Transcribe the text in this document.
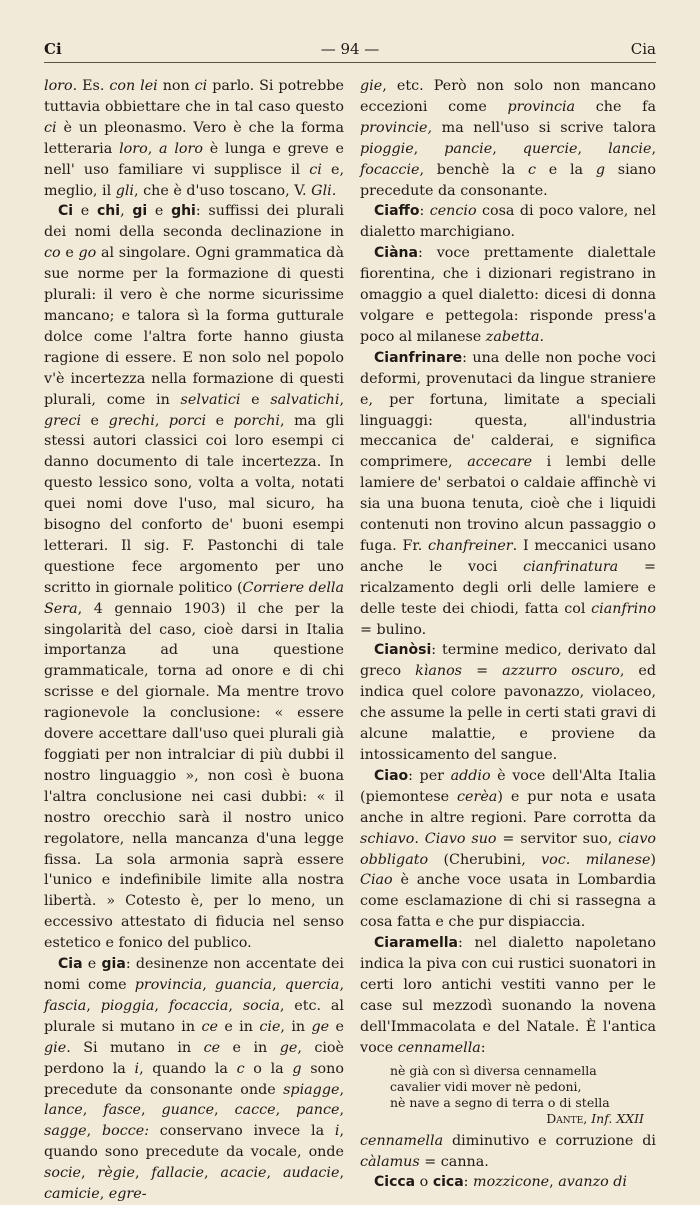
Ci	— 94 —	Cia

loro. Es. con lei non ci parlo. Si potrebbe tuttavia obbiettare che in tal caso questo ci è un pleonasmo. Vero è che la forma letteraria loro, a loro è lunga e greve e nell' uso familiare vi supplisce il ci e, meglio, il gli, che è d'uso toscano, V. Gli.

Ci e chi, gi e ghi: suffissi dei plurali dei nomi della seconda declinazione in co e go al singolare. Ogni grammatica dà sue norme per la formazione di questi plurali: il vero è che norme sicurissime mancano; e talora sì la forma gutturale dolce come l'altra forte hanno giusta ragione di essere. E non solo nel popolo v'è incertezza nella formazione di questi plurali, come in selvatici e salvatichi, greci e grechi, porci e porchi, ma gli stessi autori classici coi loro esempi ci danno documento di tale incertezza. In questo lessico sono, volta a volta, notati quei nomi dove l'uso, mal sicuro, ha bisogno del conforto de' buoni esempi letterari. Il sig. F. Pastonchi di tale questione fece argomento per uno scritto in giornale politico (Corriere della Sera, 4 gennaio 1903) il che per la singolarità del caso, cioè darsi in Italia importanza ad una questione grammaticale, torna ad onore e di chi scrisse e del giornale. Ma mentre trovo ragionevole la conclusione: « essere dovere accettare dall'uso quei plurali già foggiati per non intralciar di più dubbi il nostro linguaggio », non così è buona l'altra conclusione nei casi dubbi: « il nostro orecchio sarà il nostro unico regolatore, nella mancanza d'una legge fissa. La sola armonia saprà essere l'unico e indefinibile limite alla nostra libertà. » Cotesto è, per lo meno, un eccessivo attestato di fiducia nel senso estetico e fonico del publico.

Cia e gia: desinenze non accentate dei nomi come provincia, guancia, quercia, fascia, pioggia, focaccia, socia, etc. al plurale si mutano in ce e in cie, in ge e gie. Si mutano in ce e in ge, cioè perdono la i, quando la c o la g sono precedute da consonante onde spiagge, lance, fasce, guance, cacce, pance, sagge, bocce: conservano invece la i, quando sono precedute da vocale, onde socie, règie, fallacie, acacie, audacie, camicie, egre-

gie, etc. Però non solo non mancano eccezioni come provincia che fa provincie, ma nell'uso si scrive talora pioggie, pancie, quercie, lancie, focaccie, benchè la c e la g siano precedute da consonante.

Ciaffo: cencio cosa di poco valore, nel dialetto marchigiano.

Ciàna: voce prettamente dialettale fiorentina, che i dizionari registrano in omaggio a quel dialetto: dicesi di donna volgare e pettegola: risponde press'a poco al milanese zabetta.

Cianfrinare: una delle non poche voci deformi, provenutaci da lingue straniere e, per fortuna, limitate a speciali linguaggi: questa, all'industria meccanica de' calderai, e significa comprimere, accecare i lembi delle lamiere de' serbatoi o caldaie affinchè vi sia una buona tenuta, cioè che i liquidi contenuti non trovino alcun passaggio o fuga. Fr. chanfreiner. I meccanici usano anche le voci cianfrinatura = ricalzamento degli orli delle lamiere e delle teste dei chiodi, fatta col cianfrino = bulino.

Cianòsi: termine medico, derivato dal greco kìanos = azzurro oscuro, ed indica quel colore pavonazzo, violaceo, che assume la pelle in certi stati gravi di alcune malattie, e proviene da intossicamento del sangue.

Ciao: per addio è voce dell'Alta Italia (piemontese cerèa) e pur nota e usata anche in altre regioni. Pare corrotta da schiavo. Ciavo suo = servitor suo, ciavo obbligato (Cherubini, voc. milanese) Ciao è anche voce usata in Lombardia come esclamazione di chi si rassegna a cosa fatta e che pur dispiaccia.

Ciaramella: nel dialetto napoletano indica la piva con cui rustici suonatori in certi loro antichi vestiti vanno per le case sul mezzodì suonando la novena dell'Immacolata e del Natale. È l'antica voce cennamella:

nè già con sì diversa cennamella
cavalier vidi mover nè pedoni,
nè nave a segno di terra o di stella
Dante, Inf. XXII

cennamella diminutivo e corruzione di càlamus = canna.

Cicca o cica: mozzicone, avanzo di
